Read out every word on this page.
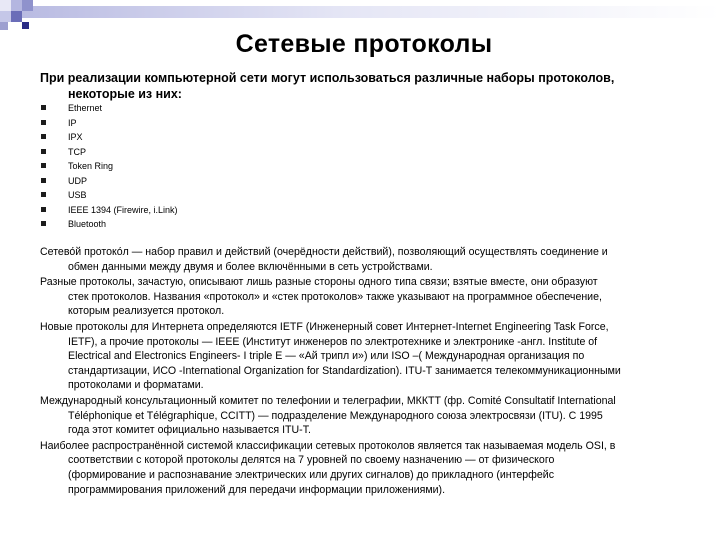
Сетевые протоколы
При реализации компьютерной сети могут использоваться различные наборы протоколов,
некоторые из них:
Ethernet
IP
IPX
TCP
Token Ring
UDP
USB
IEEE 1394 (Firewire, i.Link)
Bluetooth
Сетево́й протоко́л — набор правил и действий (очерёдности действий), позволяющий осуществлять соединение и
обмен данными между двумя и более включёнными в сеть устройствами.
Разные протоколы, зачастую, описывают лишь разные стороны одного типа связи; взятые вместе, они образуют
стек протоколов. Названия «протокол» и «стек протоколов» также указывают на программное обеспечение,
которым реализуется протокол.
Новые протоколы для Интернета определяются IETF (Инженерный совет Интернет-Internet Engineering Task Force,
IETF), а прочие протоколы — IEEE (Институт инженеров по электротехнике и электронике -англ. Institute of
Electrical and Electronics Engineers- I triple E — «Ай трипл и») или ISO –( Международная организация по
стандартизации, ИСО -International Organization for Standardization). ITU-T занимается телекоммуникационными
протоколами и форматами.
Международный консультационный комитет по телефонии и телеграфии, МККТТ (фр. Comité Consultatif International
Téléphonique et Télégraphique, CCITT) — подразделение Международного союза электросвязи (ITU). С 1995
года этот комитет официально называется ITU-T.
Наиболее распространённой системой классификации сетевых протоколов является так называемая модель OSI, в
соответствии с которой протоколы делятся на 7 уровней по своему назначению — от физического
(формирование и распознавание электрических или других сигналов) до прикладного (интерфейс
программирования приложений для передачи информации приложениями).
